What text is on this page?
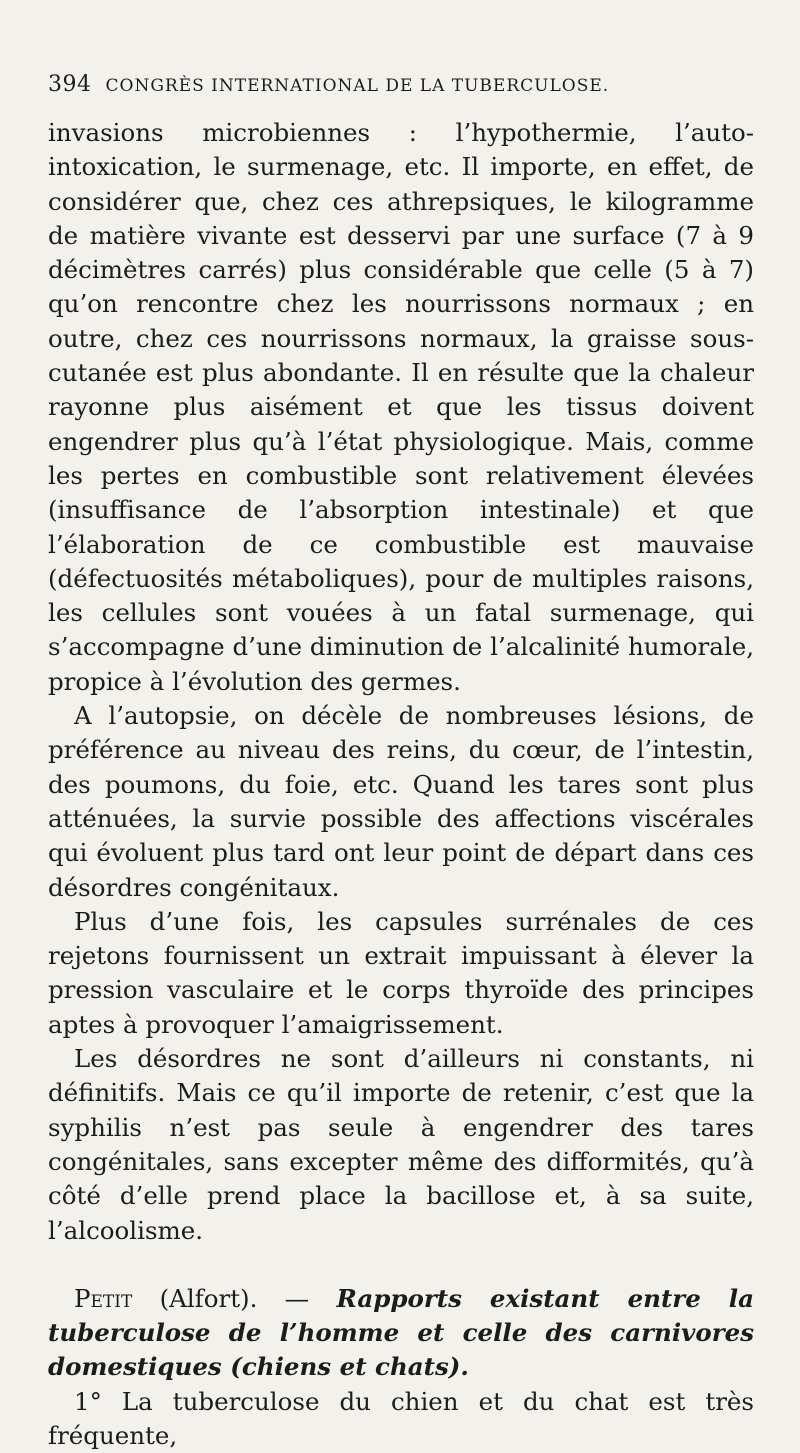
394 CONGRÈS INTERNATIONAL DE LA TUBERCULOSE.

invasions microbiennes : l’hypothermie, l’auto-intoxication, le surmenage, etc. Il importe, en effet, de considérer que, chez ces athrepsiques, le kilogramme de matière vivante est desservi par une surface (7 à 9 décimètres carrés) plus considérable que celle (5 à 7) qu’on rencontre chez les nourrissons normaux ; en outre, chez ces nourrissons normaux, la graisse sous-cutanée est plus abondante. Il en résulte que la chaleur rayonne plus aisément et que les tissus doivent engendrer plus qu’à l’état physiologique. Mais, comme les pertes en combustible sont relativement élevées (insuffisance de l’absorption intestinale) et que l’élaboration de ce combustible est mauvaise (défectuosités métaboliques), pour de multiples raisons, les cellules sont vouées à un fatal surmenage, qui s’accompagne d’une diminution de l’alcalinité humorale, propice à l’évolution des germes.

A l’autopsie, on décèle de nombreuses lésions, de préférence au niveau des reins, du cœur, de l’intestin, des poumons, du foie, etc. Quand les tares sont plus atténuées, la survie possible des affections viscérales qui évoluent plus tard ont leur point de départ dans ces désordres congénitaux.

Plus d’une fois, les capsules surrénales de ces rejetons fournissent un extrait impuissant à élever la pression vasculaire et le corps thyroïde des principes aptes à provoquer l’amaigrissement.

Les désordres ne sont d’ailleurs ni constants, ni définitifs. Mais ce qu’il importe de retenir, c’est que la syphilis n’est pas seule à engendrer des tares congénitales, sans excepter même des difformités, qu’à côté d’elle prend place la bacillose et, à sa suite, l’alcoolisme.

Petit (Alfort). — Rapports existant entre la tuberculose de l’homme et celle des carnivores domestiques (chiens et chats).

1° La tuberculose du chien et du chat est très fréquente,
